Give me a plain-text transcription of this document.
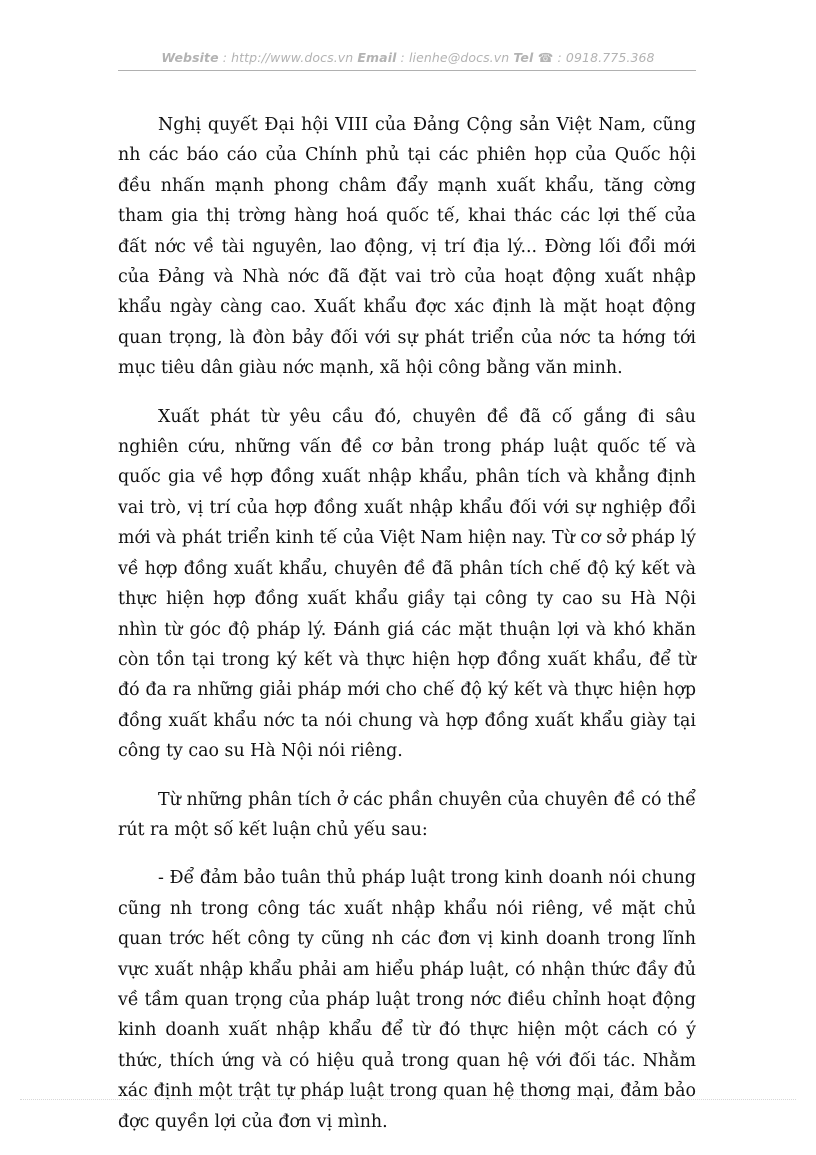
Website : http://www.docs.vn Email : lienhe@docs.vn Tel ☎ : 0918.775.368

Nghị quyết Đại hội VIII của Đảng Cộng sản Việt Nam, cũng nh các báo cáo của Chính phủ tại các phiên họp của Quốc hội đều nhấn mạnh phong châm đẩy mạnh xuất khẩu, tăng cờng tham gia thị trờng hàng hoá quốc tế, khai thác các lợi thế của đất nớc về tài nguyên, lao động, vị trí địa lý... Đờng lối đổi mới của Đảng và Nhà nớc đã đặt vai trò của hoạt động xuất nhập khẩu ngày càng cao. Xuất khẩu đợc xác định là mặt hoạt động quan trọng, là đòn bảy đối với sự phát triển của nớc ta hớng tới mục tiêu dân giàu nớc mạnh, xã hội công bằng văn minh.

Xuất phát từ yêu cầu đó, chuyên đề đã cố gắng đi sâu nghiên cứu, những vấn đề cơ bản trong pháp luật quốc tế và quốc gia về hợp đồng xuất nhập khẩu, phân tích và khẳng định vai trò, vị trí của hợp đồng xuất nhập khẩu đối với sự nghiệp đổi mới và phát triển kinh tế của Việt Nam hiện nay. Từ cơ sở pháp lý về hợp đồng xuất khẩu, chuyên đề đã phân tích chế độ ký kết và thực hiện hợp đồng xuất khẩu giầy tại công ty cao su Hà Nội nhìn từ góc độ pháp lý. Đánh giá các mặt thuận lợi và khó khăn còn tồn tại trong ký kết và thực hiện hợp đồng xuất khẩu, để từ đó đa ra những giải pháp mới cho chế độ ký kết và thực hiện hợp đồng xuất khẩu nớc ta nói chung và hợp đồng xuất khẩu giày tại công ty cao su Hà Nội nói riêng.

Từ những phân tích ở các phần chuyên của chuyên đề có thể rút ra một số kết luận chủ yếu sau:

- Để đảm bảo tuân thủ pháp luật trong kinh doanh nói chung cũng nh trong công tác xuất nhập khẩu nói riêng, về mặt chủ quan trớc hết công ty cũng nh các đơn vị kinh doanh trong lĩnh vực xuất nhập khẩu phải am hiểu pháp luật, có nhận thức đầy đủ về tầm quan trọng của pháp luật trong nớc điều chỉnh hoạt động kinh doanh xuất nhập khẩu để từ đó thực hiện một cách có ý thức, thích ứng và có hiệu quả trong quan hệ với đối tác. Nhằm xác định một trật tự pháp luật trong quan hệ thơng mại, đảm bảo đợc quyền lợi của đơn vị mình.
